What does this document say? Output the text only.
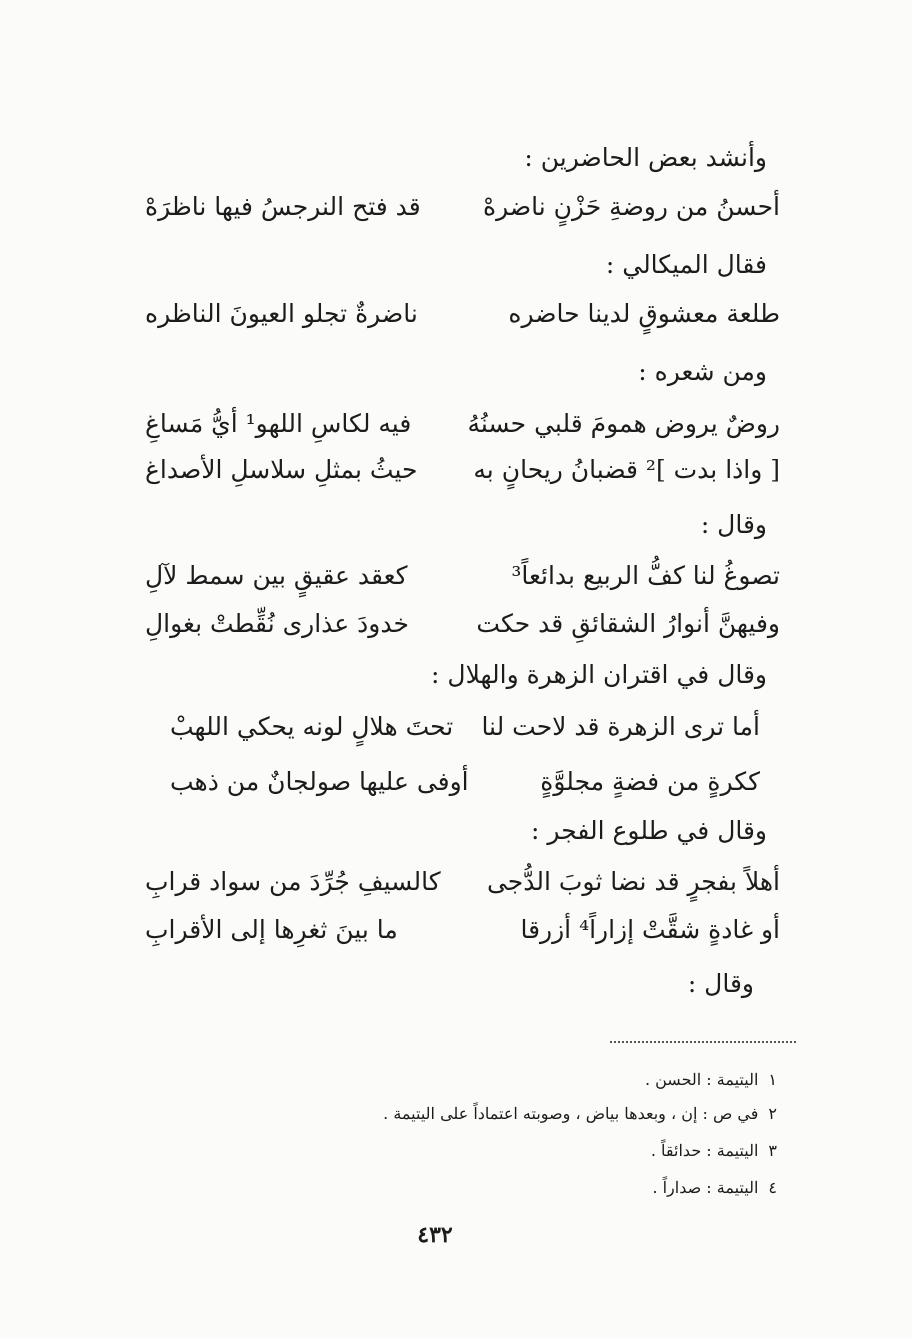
وأنشد بعض الحاضرين :
أحسنُ من روضةِ حَزْنٍ ناضرهْ
قد فتح النرجسُ فيها ناظرَهْ
فقال الميكالي :
طلعة معشوقٍ لدينا حاضره
ناضرةٌ تجلو العيونَ الناظره
ومن شعره :
روضٌ يروض همومَ قلبي حسنُهُ
فيه لكاسِ اللهو¹ أيُّ مَساغِ
[ واذا بدت ]² قضبانُ ريحانٍ به
حيثُ بمثلِ سلاسلِ الأصداغ
وقال :
تصوغُ لنا كفُّ الربيع بدائعاً³
كعقد عقيقٍ بين سمط لآلِ
وفيهنَّ أنوارُ الشقائقِ قد حكت
خدودَ عذارى نُقِّطتْ بغوالِ
وقال في اقتران الزهرة والهلال :
أما ترى الزهرة قد لاحت لنا
تحتَ هلالٍ لونه يحكي اللهبْ
ككرةٍ من فضةٍ مجلوَّةٍ
أوفى عليها صولجانٌ من ذهب
وقال في طلوع الفجر :
أهلاً بفجرٍ قد نضا ثوبَ الدُّجى
كالسيفِ جُرِّدَ من سواد قرابِ
أو غادةٍ شقَّتْ إزاراً⁴ أزرقا
ما بينَ ثغرِها إلى الأقرابِ
وقال :
١اليتيمة : الحسن .
٢في ص : إن ، وبعدها بياض ، وصوبته اعتماداً على اليتيمة .
٣اليتيمة : حدائقاً .
٤اليتيمة : صداراً .
٤٣٢
